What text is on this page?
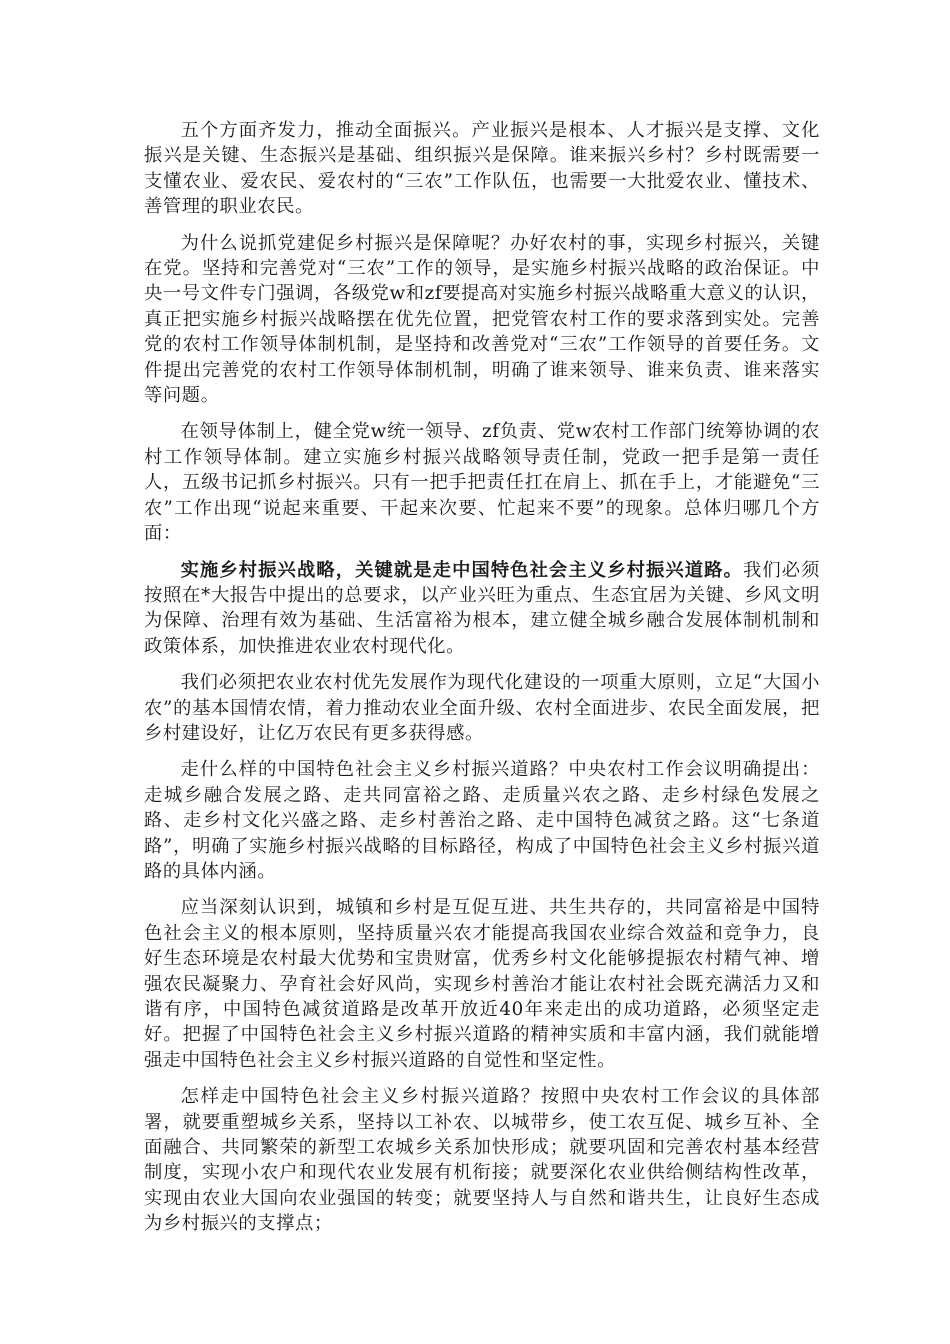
五个方面齐发力，推动全面振兴。产业振兴是根本、人才振兴是支撑、文化振兴是关键、生态振兴是基础、组织振兴是保障。谁来振兴乡村？乡村既需要一支懂农业、爱农民、爱农村的“三农”工作队伍，也需要一大批爱农业、懂技术、善管理的职业农民。

为什么说抓党建促乡村振兴是保障呢？办好农村的事，实现乡村振兴，关键在党。坚持和完善党对“三农”工作的领导，是实施乡村振兴战略的政治保证。中央一号文件专门强调，各级党w和zf要提高对实施乡村振兴战略重大意义的认识，真正把实施乡村振兴战略摆在优先位置，把党管农村工作的要求落到实处。完善党的农村工作领导体制机制，是坚持和改善党对“三农”工作领导的首要任务。文件提出完善党的农村工作领导体制机制，明确了谁来领导、谁来负责、谁来落实等问题。

在领导体制上，健全党w统一领导、zf负责、党w农村工作部门统筹协调的农村工作领导体制。建立实施乡村振兴战略领导责任制，党政一把手是第一责任人，五级书记抓乡村振兴。只有一把手把责任扛在肩上、抓在手上，才能避免“三农”工作出现“说起来重要、干起来次要、忙起来不要”的现象。总体归哪几个方面：

实施乡村振兴战略，关键就是走中国特色社会主义乡村振兴道路。我们必须按照在*大报告中提出的总要求，以产业兴旺为重点、生态宜居为关键、乡风文明为保障、治理有效为基础、生活富裕为根本，建立健全城乡融合发展体制机制和政策体系，加快推进农业农村现代化。

我们必须把农业农村优先发展作为现代化建设的一项重大原则，立足“大国小农”的基本国情农情，着力推动农业全面升级、农村全面进步、农民全面发展，把乡村建设好，让亿万农民有更多获得感。

走什么样的中国特色社会主义乡村振兴道路？中央农村工作会议明确提出：走城乡融合发展之路、走共同富裕之路、走质量兴农之路、走乡村绿色发展之路、走乡村文化兴盛之路、走乡村善治之路、走中国特色减贫之路。这“七条道路”，明确了实施乡村振兴战略的目标路径，构成了中国特色社会主义乡村振兴道路的具体内涵。

应当深刻认识到，城镇和乡村是互促互进、共生共存的，共同富裕是中国特色社会主义的根本原则，坚持质量兴农才能提高我国农业综合效益和竞争力，良好生态环境是农村最大优势和宝贵财富，优秀乡村文化能够提振农村精气神、增强农民凝聚力、孕育社会好风尚，实现乡村善治才能让农村社会既充满活力又和谐有序，中国特色减贫道路是改革开放近40年来走出的成功道路，必须坚定走好。把握了中国特色社会主义乡村振兴道路的精神实质和丰富内涵，我们就能增强走中国特色社会主义乡村振兴道路的自觉性和坚定性。

怎样走中国特色社会主义乡村振兴道路？按照中央农村工作会议的具体部署，就要重塑城乡关系，坚持以工补农、以城带乡，使工农互促、城乡互补、全面融合、共同繁荣的新型工农城乡关系加快形成；就要巩固和完善农村基本经营制度，实现小农户和现代农业发展有机衔接；就要深化农业供给侧结构性改革，实现由农业大国向农业强国的转变；就要坚持人与自然和谐共生，让良好生态成为乡村振兴的支撑点；
